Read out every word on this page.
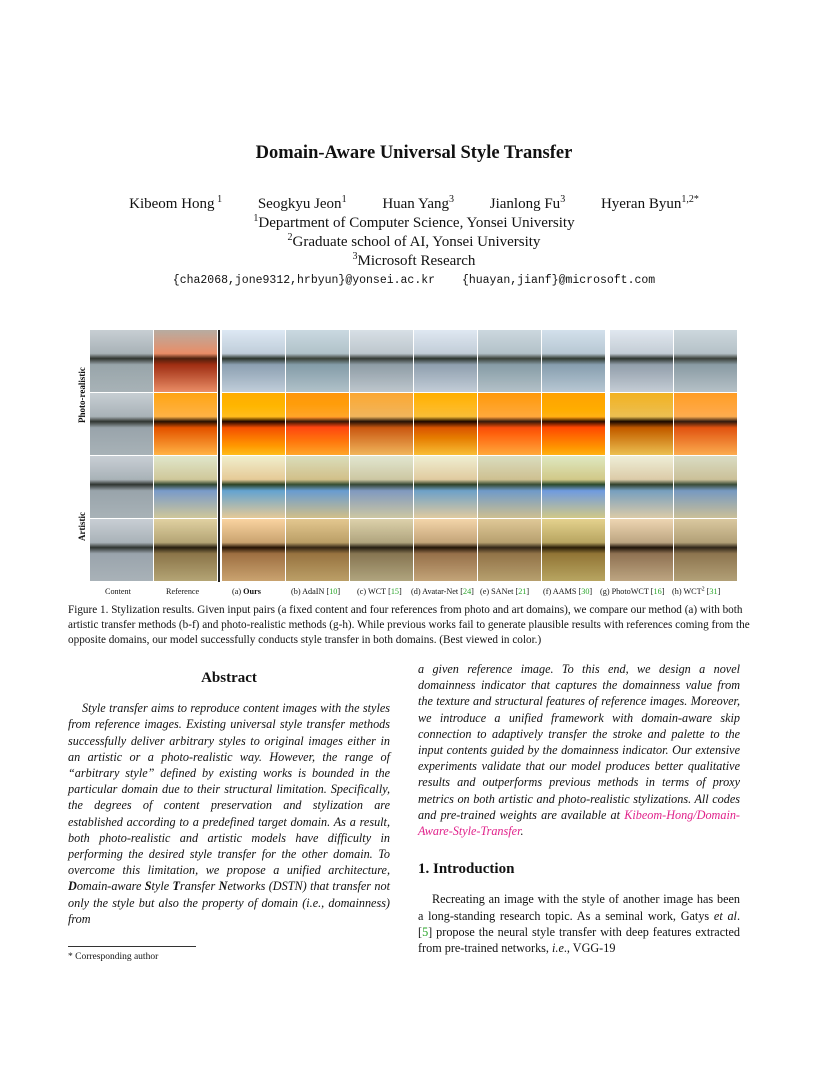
Domain-Aware Universal Style Transfer
Kibeom Hong $^1$ Seogkyu Jeon$^1$ Huan Yang$^3$ Jianlong Fu$^3$ Hyeran Byun$^{1,2*}$
$^1$Department of Computer Science, Yonsei University
$^2$Graduate school of AI, Yonsei University
$^3$Microsoft Research
{cha2068,jone9312,hrbyun}@yonsei.ac.kr {huayan,jianf}@microsoft.com
Photo-realistic
Artistic
Content	Reference	(a) Ours	(b) AdaIN [10] (c) WCT [15] (d) Avatar-Net [24] (e) SANet [21] (f) AAMS [30] (g) PhotoWCT [16] (h) WCT$^2$ [31]
Figure 1. Stylization results. Given input pairs (a fixed content and four references from photo and art domains), we compare our method (a) with both artistic transfer methods (b-f) and photo-realistic methods (g-h). While previous works fail to generate plausible results with references coming from the opposite domains, our model successfully conducts style transfer in both domains. (Best viewed in color.)
Abstract

Style transfer aims to reproduce content images with the styles from reference images. Existing universal style transfer methods successfully deliver arbitrary styles to original images either in an artistic or a photo-realistic way. However, the range of “arbitrary style” defined by existing works is bounded in the particular domain due to their structural limitation. Specifically, the degrees of content preservation and stylization are established according to a predefined target domain. As a result, both photo-realistic and artistic models have difficulty in performing the desired style transfer for the other domain. To overcome this limitation, we propose a unified architecture, Domain-aware Style Transfer Networks (DSTN) that transfer not only the style but also the property of domain (i.e., domainness) from

* Corresponding author

a given reference image. To this end, we design a novel domainness indicator that captures the domainness value from the texture and structural features of reference images. Moreover, we introduce a unified framework with domain-aware skip connection to adaptively transfer the stroke and palette to the input contents guided by the domainness indicator. Our extensive experiments validate that our model produces better qualitative results and outperforms previous methods in terms of proxy metrics on both artistic and photo-realistic stylizations. All codes and pre-trained weights are available at Kibeom-Hong/Domain-Aware-Style-Transfer.

1. Introduction

Recreating an image with the style of another image has been a long-standing research topic. As a seminal work, Gatys et al. [5] propose the neural style transfer with deep features extracted from pre-trained networks, i.e., VGG-19
